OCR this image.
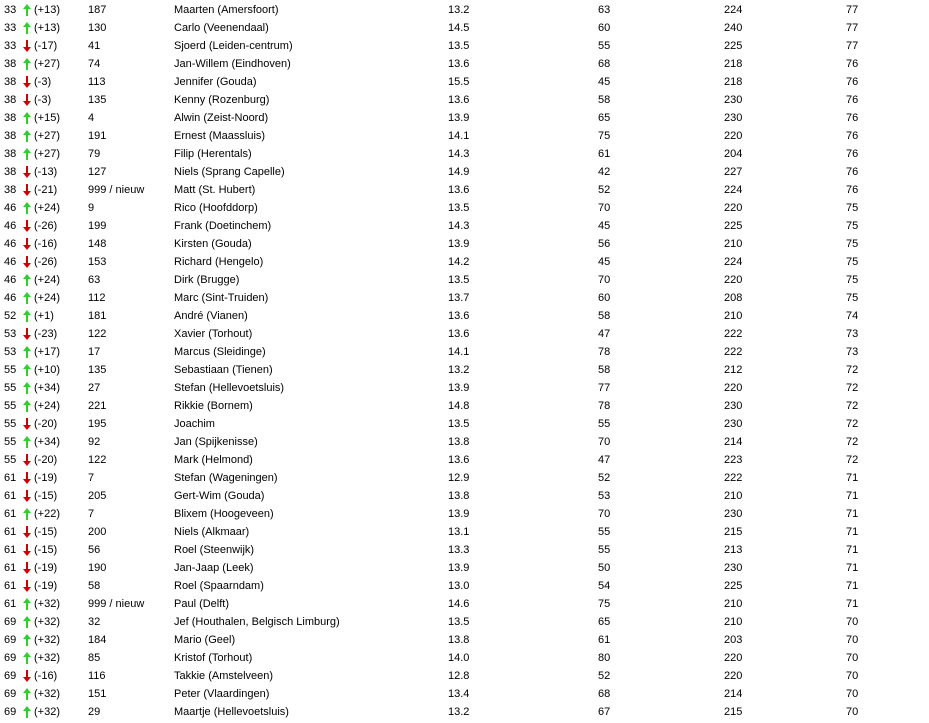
33	(+13)	187	Maarten (Amersfoort)	13.2	63	224	77
33	(+13)	130	Carlo (Veenendaal)	14.5	60	240	77
33	(-17)	41	Sjoerd (Leiden-centrum)	13.5	55	225	77
38	(+27)	74	Jan-Willem (Eindhoven)	13.6	68	218	76
38	(-3)	113	Jennifer (Gouda)	15.5	45	218	76
38	(-3)	135	Kenny (Rozenburg)	13.6	58	230	76
38	(+15)	4	Alwin (Zeist-Noord)	13.9	65	230	76
38	(+27)	191	Ernest (Maassluis)	14.1	75	220	76
38	(+27)	79	Filip (Herentals)	14.3	61	204	76
38	(-13)	127	Niels (Sprang Capelle)	14.9	42	227	76
38	(-21)	999 / nieuw	Matt (St. Hubert)	13.6	52	224	76
46	(+24)	9	Rico (Hoofddorp)	13.5	70	220	75
46	(-26)	199	Frank (Doetinchem)	14.3	45	225	75
46	(-16)	148	Kirsten (Gouda)	13.9	56	210	75
46	(-26)	153	Richard (Hengelo)	14.2	45	224	75
46	(+24)	63	Dirk (Brugge)	13.5	70	220	75
46	(+24)	112	Marc (Sint-Truiden)	13.7	60	208	75
52	(+1)	181	André (Vianen)	13.6	58	210	74
53	(-23)	122	Xavier (Torhout)	13.6	47	222	73
53	(+17)	17	Marcus (Sleidinge)	14.1	78	222	73
55	(+10)	135	Sebastiaan (Tienen)	13.2	58	212	72
55	(+34)	27	Stefan (Hellevoetsluis)	13.9	77	220	72
55	(+24)	221	Rikkie (Bornem)	14.8	78	230	72
55	(-20)	195	Joachim	13.5	55	230	72
55	(+34)	92	Jan (Spijkenisse)	13.8	70	214	72
55	(-20)	122	Mark (Helmond)	13.6	47	223	72
61	(-19)	7	Stefan (Wageningen)	12.9	52	222	71
61	(-15)	205	Gert-Wim (Gouda)	13.8	53	210	71
61	(+22)	7	Blixem (Hoogeveen)	13.9	70	230	71
61	(-15)	200	Niels (Alkmaar)	13.1	55	215	71
61	(-15)	56	Roel (Steenwijk)	13.3	55	213	71
61	(-19)	190	Jan-Jaap (Leek)	13.9	50	230	71
61	(-19)	58	Roel (Spaarndam)	13.0	54	225	71
61	(+32)	999 / nieuw	Paul (Delft)	14.6	75	210	71
69	(+32)	32	Jef (Houthalen, Belgisch Limburg)	13.5	65	210	70
69	(+32)	184	Mario (Geel)	13.8	61	203	70
69	(+32)	85	Kristof (Torhout)	14.0	80	220	70
69	(-16)	116	Takkie (Amstelveen)	12.8	52	220	70
69	(+32)	151	Peter (Vlaardingen)	13.4	68	214	70
69	(+32)	29	Maartje (Hellevoetsluis)	13.2	67	215	70
